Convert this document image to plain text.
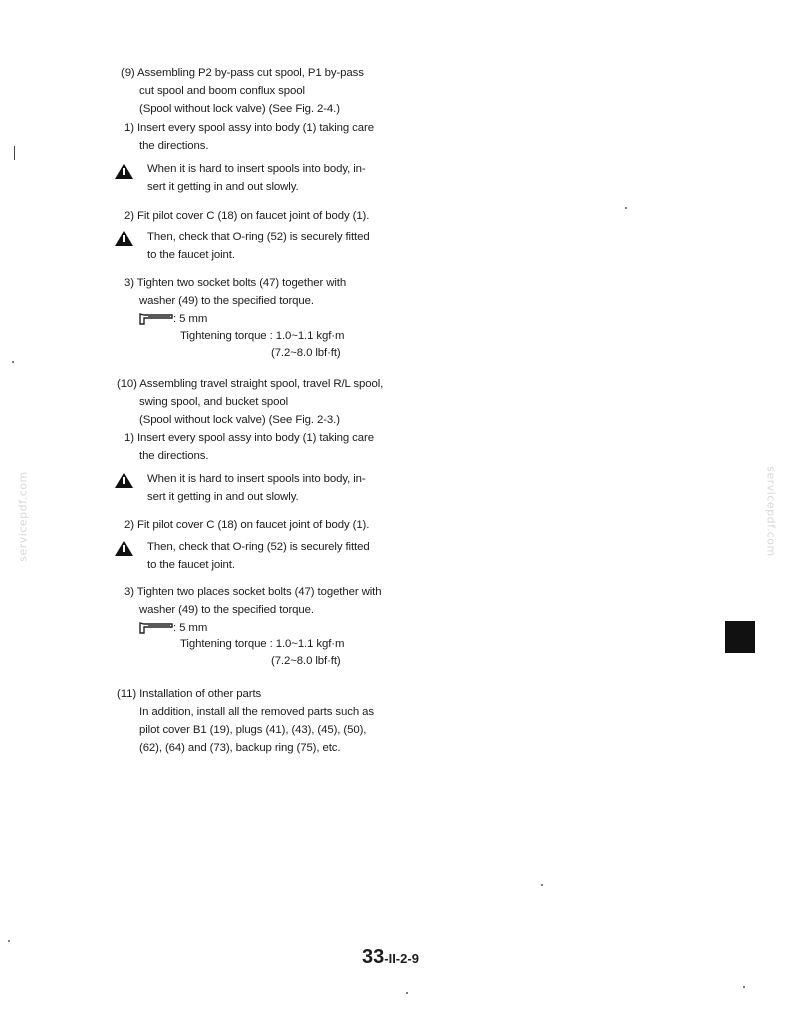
(9) Assembling P2 by-pass cut spool, P1 by-pass
cut spool and boom conflux spool
(Spool without lock valve) (See Fig. 2-4.)
1) Insert every spool assy into body (1) taking care
the directions.
When it is hard to insert spools into body, in-
sert it getting in and out slowly.
2) Fit pilot cover C (18) on faucet joint of body (1).
Then, check that O-ring (52) is securely fitted
to the faucet joint.
3) Tighten two socket bolts (47) together with
washer (49) to the specified torque.
: 5 mm
Tightening torque : 1.0~1.1 kgf·m
(7.2~8.0 lbf·ft)
(10) Assembling travel straight spool, travel R/L spool,
swing spool, and bucket spool
(Spool without lock valve) (See Fig. 2-3.)
1) Insert every spool assy into body (1) taking care
the directions.
When it is hard to insert spools into body, in-
sert it getting in and out slowly.
2) Fit pilot cover C (18) on faucet joint of body (1).
Then, check that O-ring (52) is securely fitted
to the faucet joint.
3) Tighten two places socket bolts (47) together with
washer (49) to the specified torque.
: 5 mm
Tightening torque : 1.0~1.1 kgf·m
(7.2~8.0 lbf·ft)
(11) Installation of other parts
In addition, install all the removed parts such as
pilot cover B1 (19), plugs (41), (43), (45), (50),
(62), (64) and (73), backup ring (75), etc.
servicepdf.com	servicepdf.com
33-II-2-9
